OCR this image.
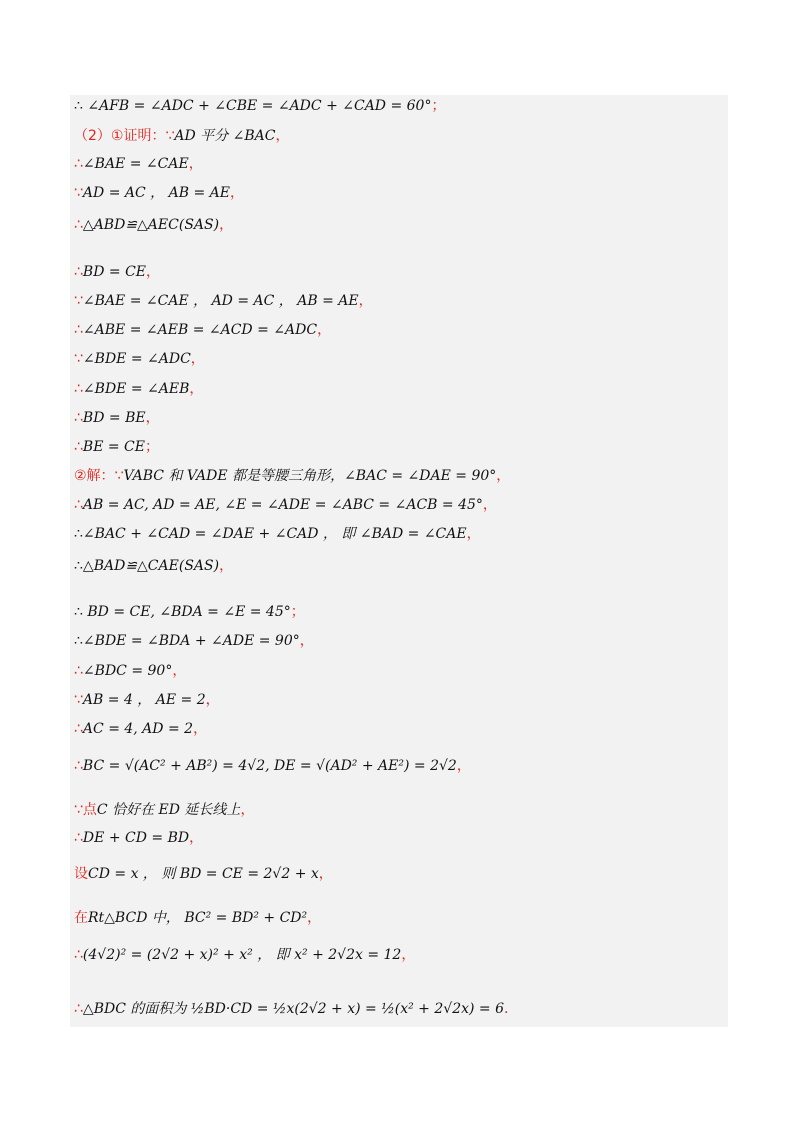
∴ ∠AFB = ∠ADC + ∠CBE = ∠ADC + ∠CAD = 60°；
（2）①证明：∵AD 平分 ∠BAC，
∴∠BAE = ∠CAE，
∵AD = AC ， AB = AE，
∴△ABD≌△AEC(SAS)，
∴BD = CE，
∵∠BAE = ∠CAE ， AD = AC ， AB = AE，
∴∠ABE = ∠AEB = ∠ACD = ∠ADC，
∵∠BDE = ∠ADC，
∴∠BDE = ∠AEB，
∴BD = BE，
∴BE = CE；
②解：∵VABC 和 VADE 都是等腰三角形，∠BAC = ∠DAE = 90°，
∴AB = AC, AD = AE, ∠E = ∠ADE = ∠ABC = ∠ACB = 45°，
∴∠BAC + ∠CAD = ∠DAE + ∠CAD ， 即 ∠BAD = ∠CAE，
∴△BAD≌△CAE(SAS)，
∴ BD = CE, ∠BDA = ∠E = 45°；
∴∠BDE = ∠BDA + ∠ADE = 90°，
∴∠BDC = 90°，
∵AB = 4 ， AE = 2，
∴AC = 4, AD = 2，
∴BC = √(AC² + AB²) = 4√2, DE = √(AD² + AE²) = 2√2，
∵点C 恰好在 ED 延长线上，
∴DE + CD = BD，
设CD = x ， 则 BD = CE = 2√2 + x，
在Rt△BCD 中， BC² = BD² + CD²，
∴(4√2)² = (2√2 + x)² + x² ， 即 x² + 2√2x = 12，
∴△BDC 的面积为 ½BD·CD = ½x(2√2 + x) = ½(x² + 2√2x) = 6.
